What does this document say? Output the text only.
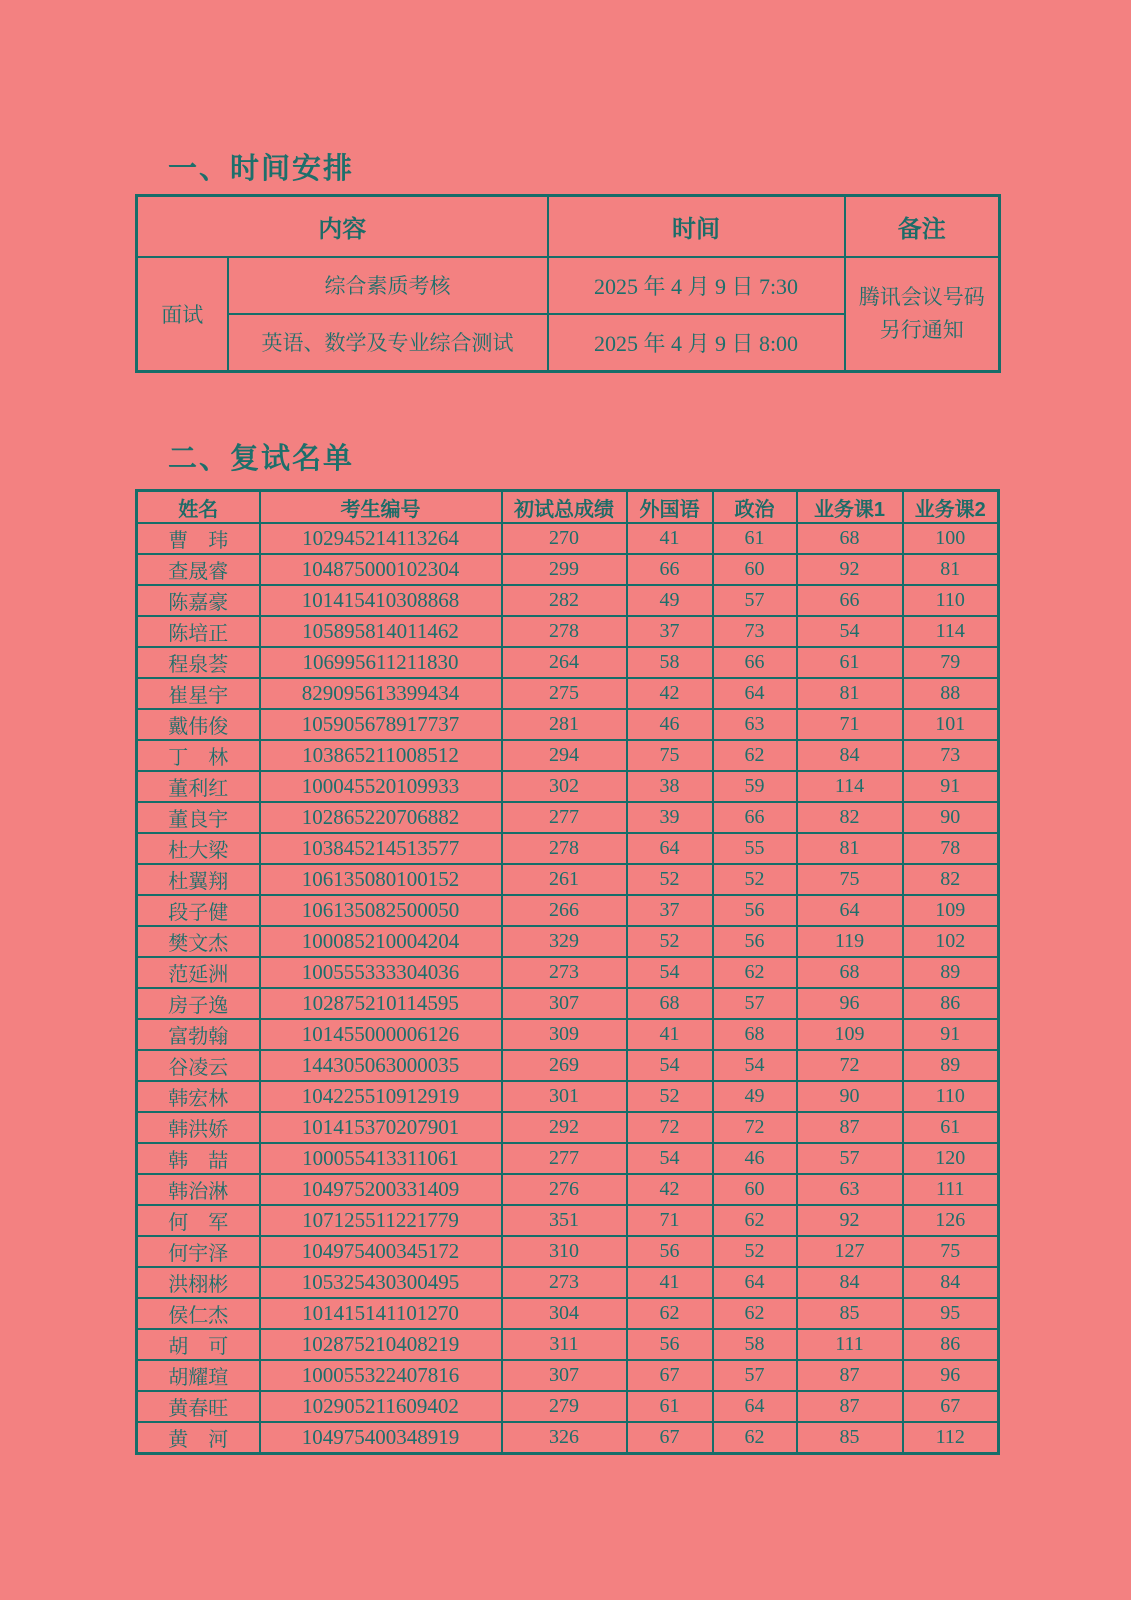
一、时间安排
内容		时间	备注
面试	综合素质考核	2025 年 4 月 9 日 7:30	腾讯会议号码
另行通知

	英语、数学及专业综合测试	2025 年 4 月 9 日 8:00	
二、复试名单
姓名	考生编号	初试总成绩	外国语	政治	业务课1	业务课2
曹　玮	102945214113264	270	41	61	68	100
查晟睿	104875000102304	299	66	60	92	81
陈嘉豪	101415410308868	282	49	57	66	110
陈培正	105895814011462	278	37	73	54	114
程泉荟	106995611211830	264	58	66	61	79
崔星宇	829095613399434	275	42	64	81	88
戴伟俊	105905678917737	281	46	63	71	101
丁　林	103865211008512	294	75	62	84	73
董利红	100045520109933	302	38	59	114	91
董良宇	102865220706882	277	39	66	82	90
杜大梁	103845214513577	278	64	55	81	78
杜翼翔	106135080100152	261	52	52	75	82
段子健	106135082500050	266	37	56	64	109
樊文杰	100085210004204	329	52	56	119	102
范延洲	100555333304036	273	54	62	68	89
房子逸	102875210114595	307	68	57	96	86
富勃翰	101455000006126	309	41	68	109	91
谷凌云	144305063000035	269	54	54	72	89
韩宏林	104225510912919	301	52	49	90	110
韩洪娇	101415370207901	292	72	72	87	61
韩　喆	100055413311061	277	54	46	57	120
韩治淋	104975200331409	276	42	60	63	111
何　军	107125511221779	351	71	62	92	126
何宇泽	104975400345172	310	56	52	127	75
洪栩彬	105325430300495	273	41	64	84	84
侯仁杰	101415141101270	304	62	62	85	95
胡　可	102875210408219	311	56	58	111	86
胡耀瑄	100055322407816	307	67	57	87	96
黄春旺	102905211609402	279	61	64	87	67
黄　河	104975400348919	326	67	62	85	112
